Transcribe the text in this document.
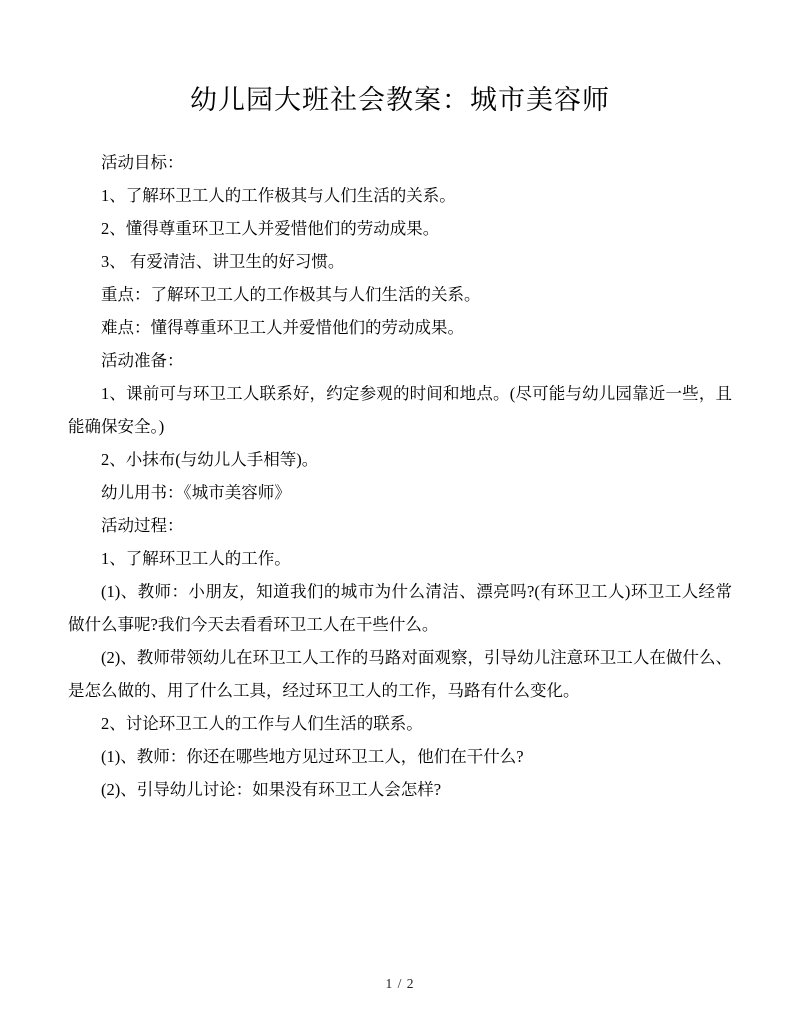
幼儿园大班社会教案：城市美容师

活动目标：

1、了解环卫工人的工作极其与人们生活的关系。

2、懂得尊重环卫工人并爱惜他们的劳动成果。

3、 有爱清洁、讲卫生的好习惯。

重点：了解环卫工人的工作极其与人们生活的关系。

难点：懂得尊重环卫工人并爱惜他们的劳动成果。

活动准备：

1、课前可与环卫工人联系好，约定参观的时间和地点。(尽可能与幼儿园靠近一些，且能确保安全。)

2、小抹布(与幼儿人手相等)。

幼儿用书：《城市美容师》

活动过程：

1、了解环卫工人的工作。

(1)、教师：小朋友，知道我们的城市为什么清洁、漂亮吗?(有环卫工人)环卫工人经常做什么事呢?我们今天去看看环卫工人在干些什么。

(2)、教师带领幼儿在环卫工人工作的马路对面观察，引导幼儿注意环卫工人在做什么、是怎么做的、用了什么工具，经过环卫工人的工作，马路有什么变化。

2、讨论环卫工人的工作与人们生活的联系。

(1)、教师：你还在哪些地方见过环卫工人，他们在干什么?

(2)、引导幼儿讨论：如果没有环卫工人会怎样?

1 / 2
